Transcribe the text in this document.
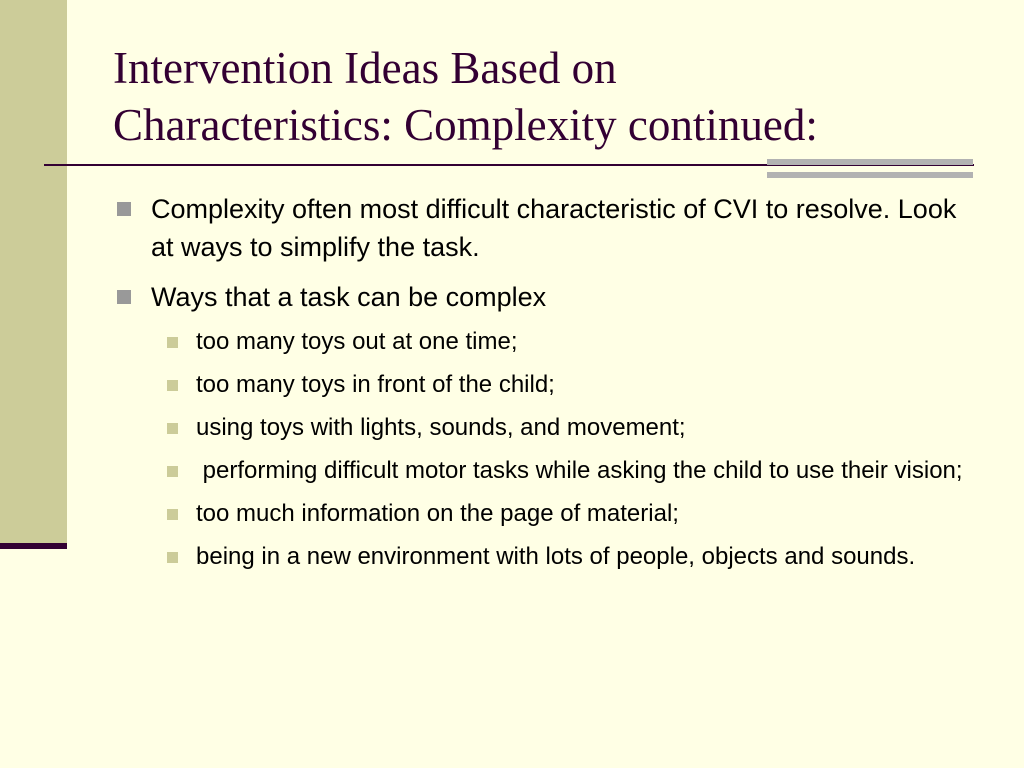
Intervention Ideas Based on
Characteristics: Complexity continued:
Complexity often most difficult characteristic of CVI to resolve. Look at ways to simplify the task.
Ways that a task can be complex
too many toys out at one time;
too many toys in front of the child;
using toys with lights, sounds, and movement;
performing difficult motor tasks while asking the child to use their vision;
too much information on the page of material;
being in a new environment with lots of people, objects and sounds.
